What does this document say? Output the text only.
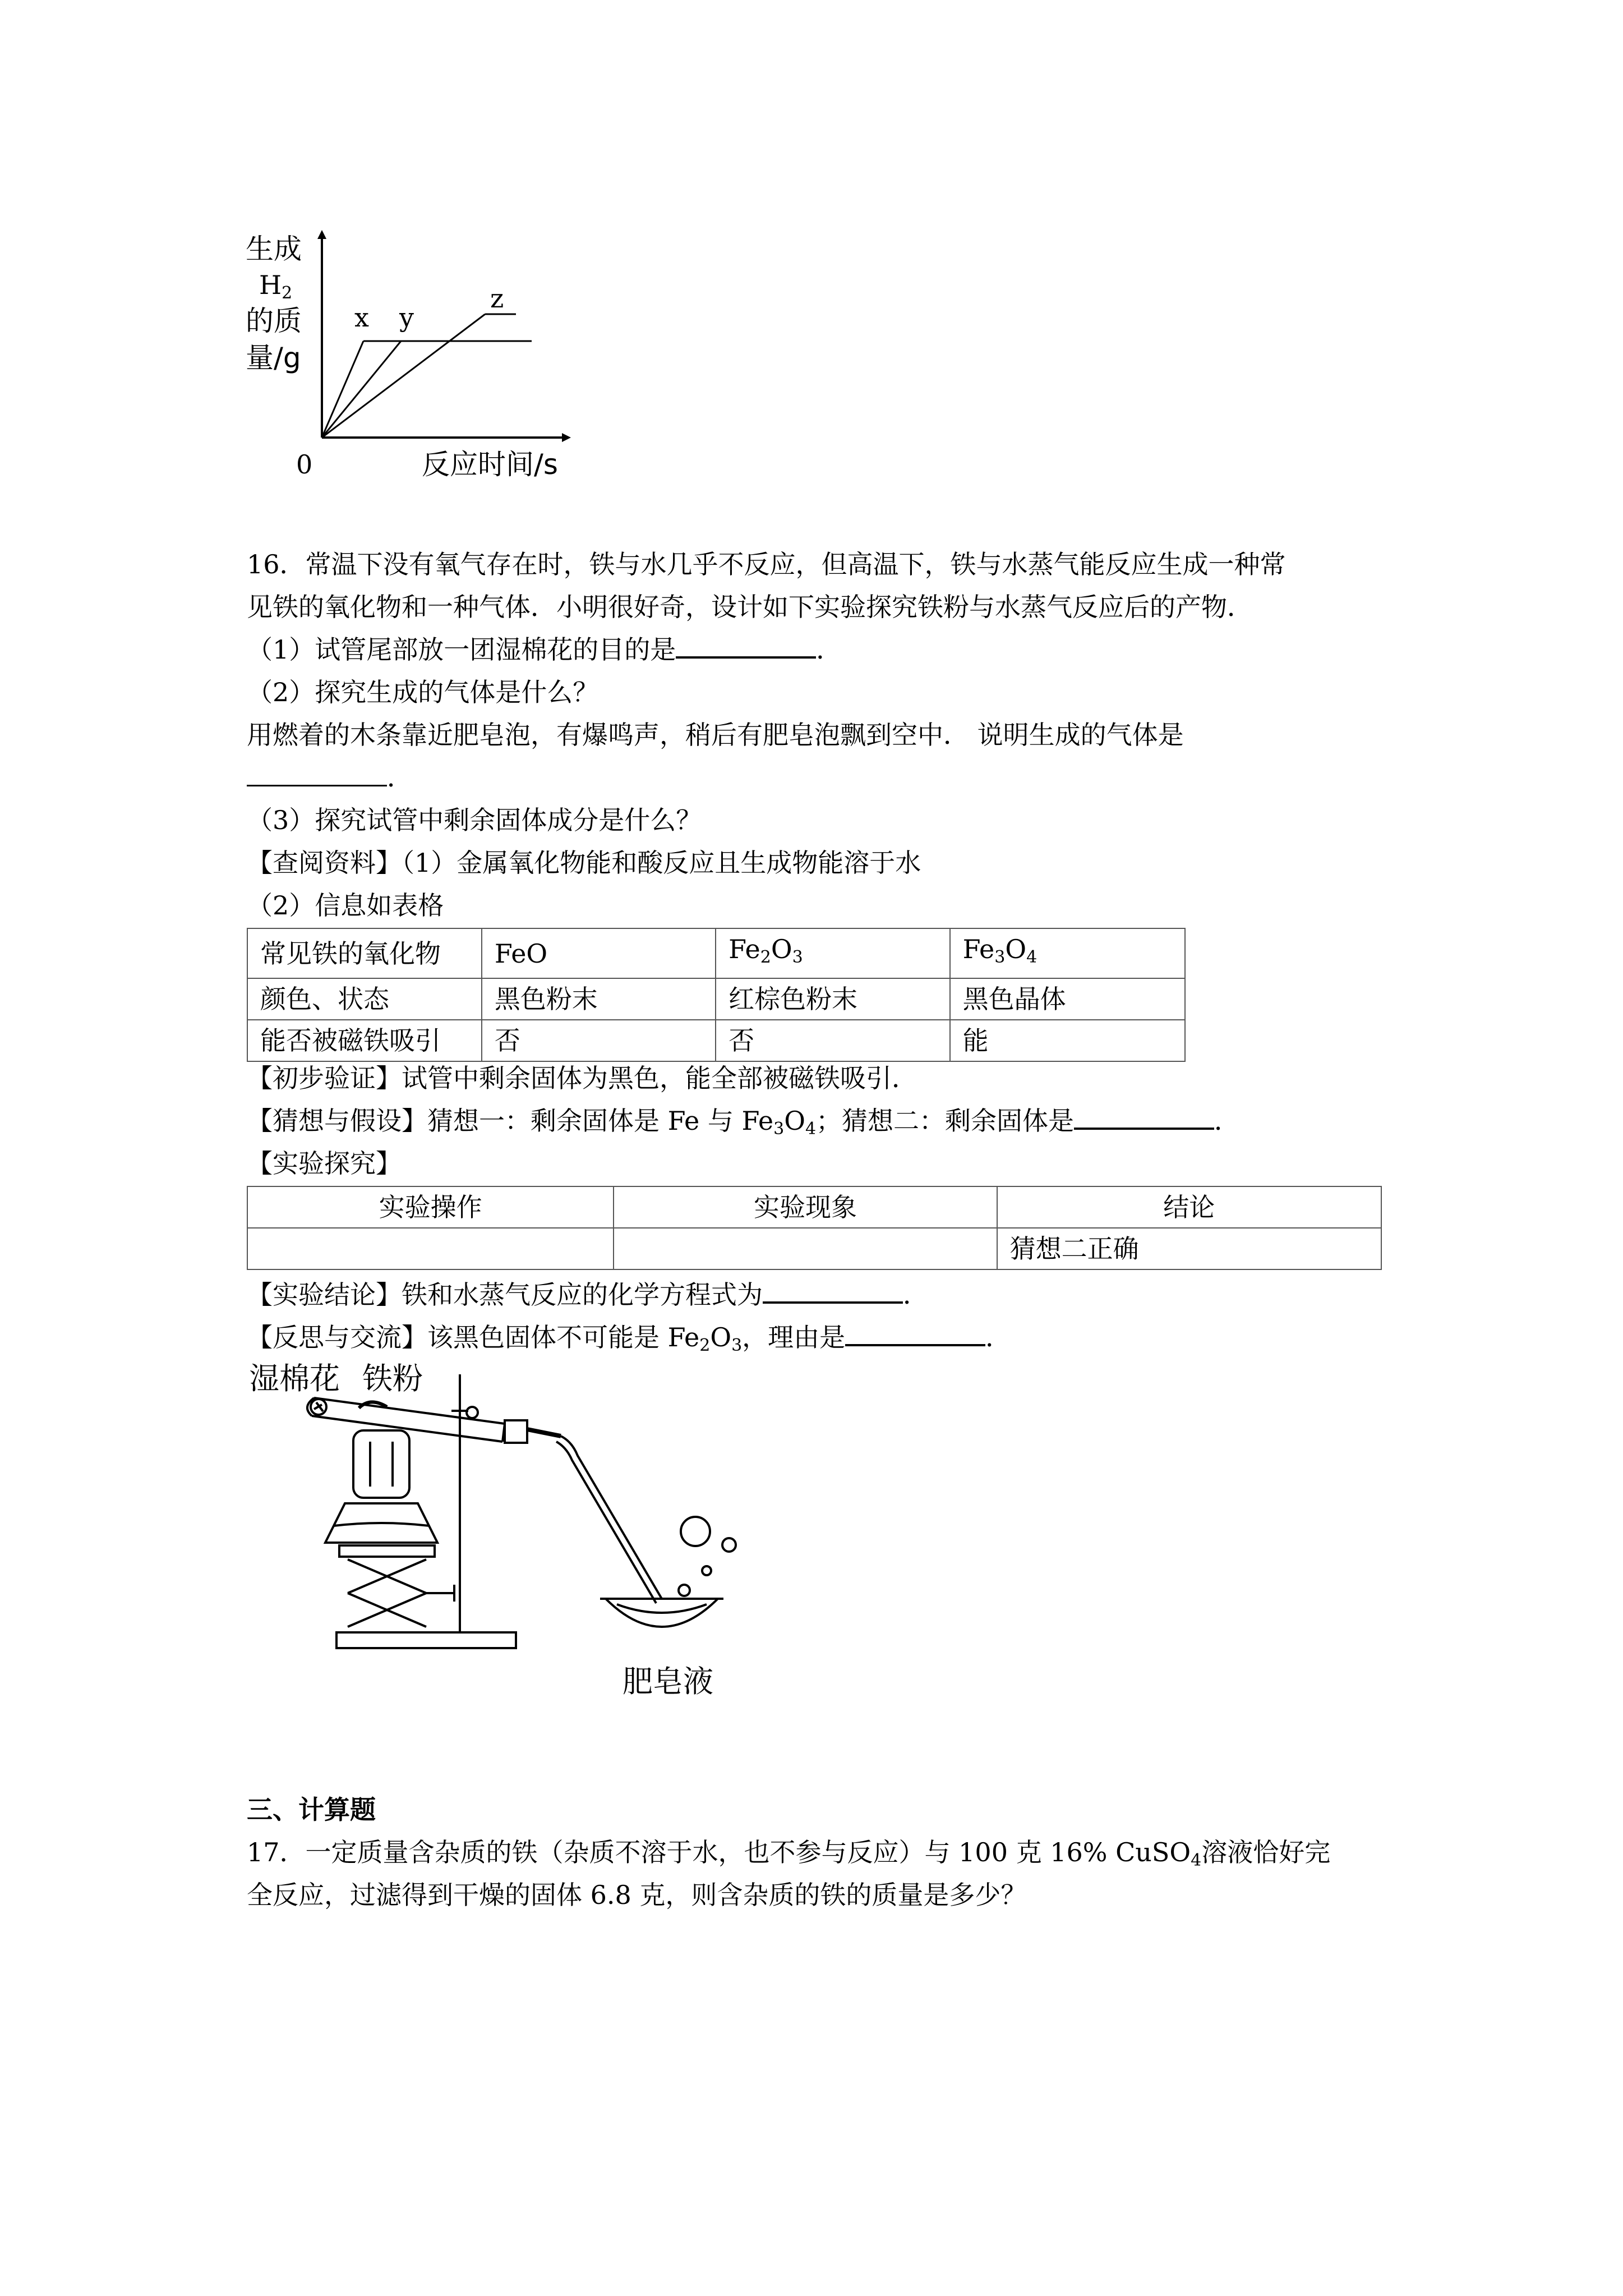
生成
$H_2$
的质
量/g
0	反应时间/s
x y
z
16．常温下没有氧气存在时，铁与水几乎不反应，但高温下，铁与水蒸气能反应生成一种常
见铁的氧化物和一种气体．小明很好奇，设计如下实验探究铁粉与水蒸气反应后的产物．
（1）试管尾部放一团湿棉花的目的是	．
（2）探究生成的气体是什么？
用燃着的木条靠近肥皂泡，有爆鸣声，稍后有肥皂泡飘到空中． 说明生成的气体是
．
（3）探究试管中剩余固体成分是什么？
【查阅资料】（1）金属氧化物能和酸反应且生成物能溶于水
（2）信息如表格
常见铁的氧化物	FeO	$Fe_2O_3$	$Fe_3O_4$
颜色、状态	黑色粉末	红棕色粉末	黑色晶体
能否被磁铁吸引	否	否	能
【初步验证】试管中剩余固体为黑色，能全部被磁铁吸引．
【猜想与假设】猜想一：剩余固体是 Fe 与 $Fe_3O_4$；猜想二：剩余固体是	．
【实验探究】
实验操作	实验现象	结论
		猜想二正确
【实验结论】铁和水蒸气反应的化学方程式为	．
【反思与交流】该黑色固体不可能是 $Fe_2O_3$，理由是	．
湿棉花 铁粉
肥皂液
三、计算题
17．一定质量含杂质的铁（杂质不溶于水，也不参与反应）与 100 克 16% CuSO$_4$溶液恰好完
全反应，过滤得到干燥的固体 6.8 克，则含杂质的铁的质量是多少？
